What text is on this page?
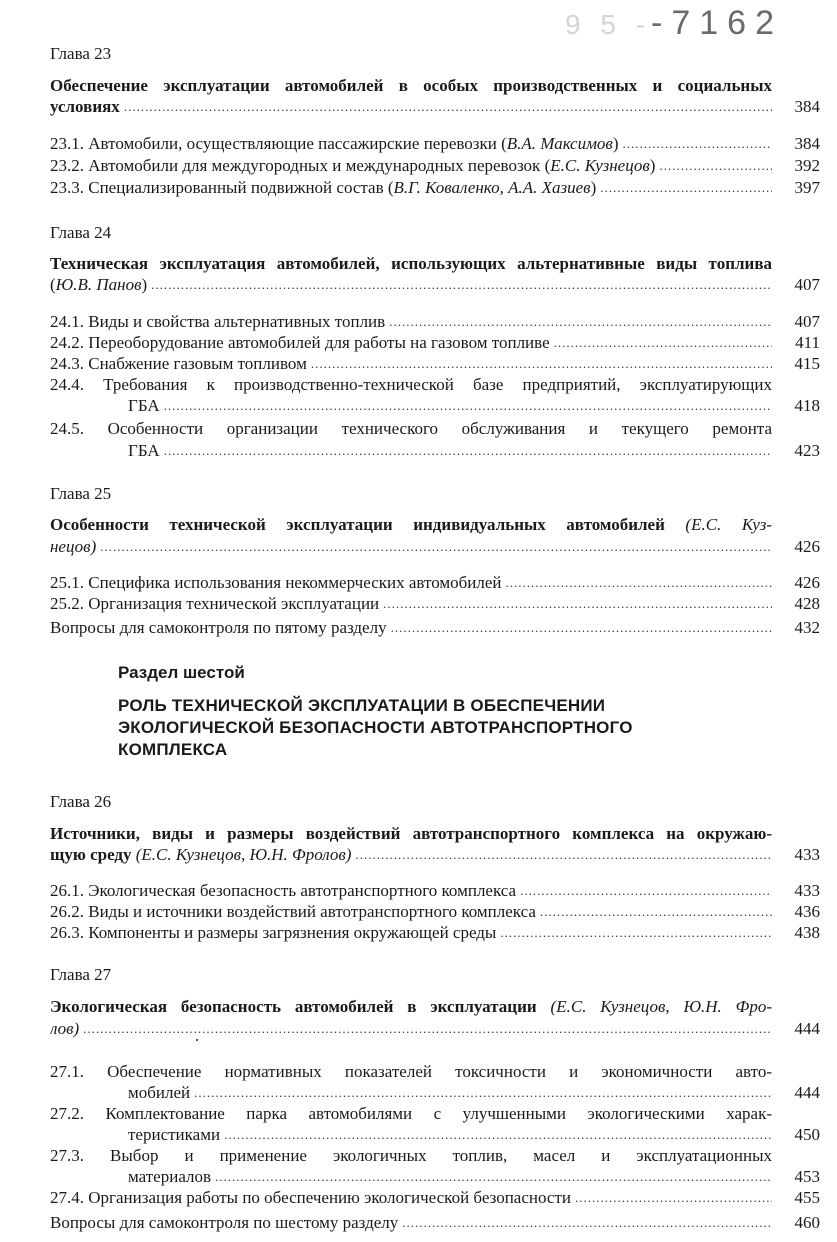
9 5 --7162
Глава 23
Обеспечение эксплуатации автомобилей в особых производственных и социальных
условиях .....	384
23.1. Автомобили, осуществляющие пассажирские перевозки (В.А. Максимов) .....	384
23.2. Автомобили для междугородных и международных перевозок (Е.С. Кузнецов) .....	392
23.3. Специализированный подвижной состав (В.Г. Коваленко, А.А. Хазиев) .....	397
Глава 24
Техническая эксплуатация автомобилей, использующих альтернативные виды топлива
(Ю.В. Панов) .....	407
24.1. Виды и свойства альтернативных топлив .....	407
24.2. Переоборудование автомобилей для работы на газовом топливе .....	411
24.3. Снабжение газовым топливом .....	415
24.4. Требования к производственно-технической базе предприятий, эксплуатирующих
ГБА .....	418
24.5. Особенности организации технического обслуживания и текущего ремонта
ГБА .....	423
Глава 25
Особенности технической эксплуатации индивидуальных автомобилей (Е.С. Куз-
нецов) .....	426
25.1. Специфика использования некоммерческих автомобилей .....	426
25.2. Организация технической эксплуатации .....	428
Вопросы для самоконтроля по пятому разделу .....	432
Раздел шестой
РОЛЬ ТЕХНИЧЕСКОЙ ЭКСПЛУАТАЦИИ В ОБЕСПЕЧЕНИИ
ЭКОЛОГИЧЕСКОЙ БЕЗОПАСНОСТИ АВТОТРАНСПОРТНОГО
КОМПЛЕКСА
Глава 26
Источники, виды и размеры воздействий автотранспортного комплекса на окружаю-
щую среду (Е.С. Кузнецов, Ю.Н. Фролов) .....	433
26.1. Экологическая безопасность автотранспортного комплекса .....	433
26.2. Виды и источники воздействий автотранспортного комплекса .....	436
26.3. Компоненты и размеры загрязнения окружающей среды .....	438
Глава 27
Экологическая безопасность автомобилей в эксплуатации (Е.С. Кузнецов, Ю.Н. Фро-
лов) .....	444
27.1. Обеспечение нормативных показателей токсичности и экономичности авто-
мобилей .....	444
27.2. Комплектование парка автомобилями с улучшенными экологическими харак-
теристиками .....	450
27.3. Выбор и применение экологичных топлив, масел и эксплуатационных
материалов .....	453
27.4. Организация работы по обеспечению экологической безопасности .....	455
Вопросы для самоконтроля по шестому разделу .....	460
